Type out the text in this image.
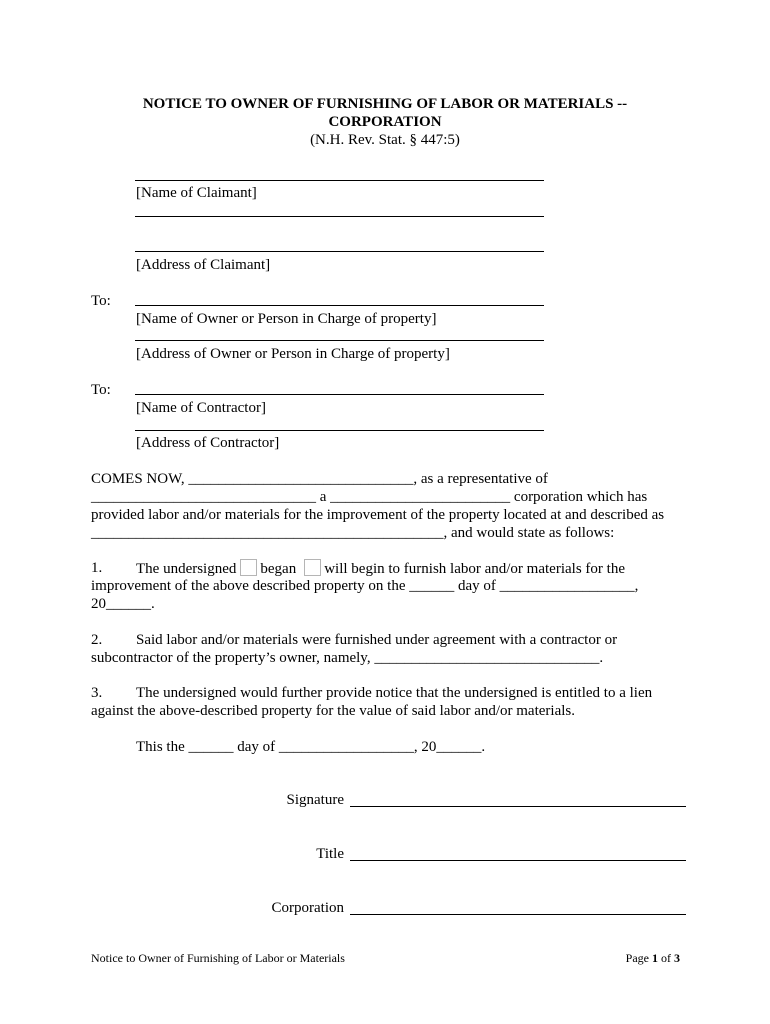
NOTICE TO OWNER OF FURNISHING OF LABOR OR MATERIALS --
CORPORATION
(N.H. Rev. Stat. § 447:5)
[Name of Claimant]
[Address of Claimant]
To:
[Name of Owner or Person in Charge of property]
[Address of Owner or Person in Charge of property]
To:
[Name of Contractor]
[Address of Contractor]
COMES NOW, ______________________________, as a representative of
______________________________ a ________________________ corporation which has
provided labor and/or materials for the improvement of the property located at and described as
_______________________________________________, and would state as follows:
1. The undersigned began will begin to furnish labor and/or materials for the
improvement of the above described property on the ______ day of __________________,
20______.
2. Said labor and/or materials were furnished under agreement with a contractor or
subcontractor of the property’s owner, namely, ______________________________.
3. The undersigned would further provide notice that the undersigned is entitled to a lien
against the above-described property for the value of said labor and/or materials.
This the ______ day of __________________, 20______.
Signature
Title
Corporation
Notice to Owner of Furnishing of Labor or Materials	Page 1 of 3
